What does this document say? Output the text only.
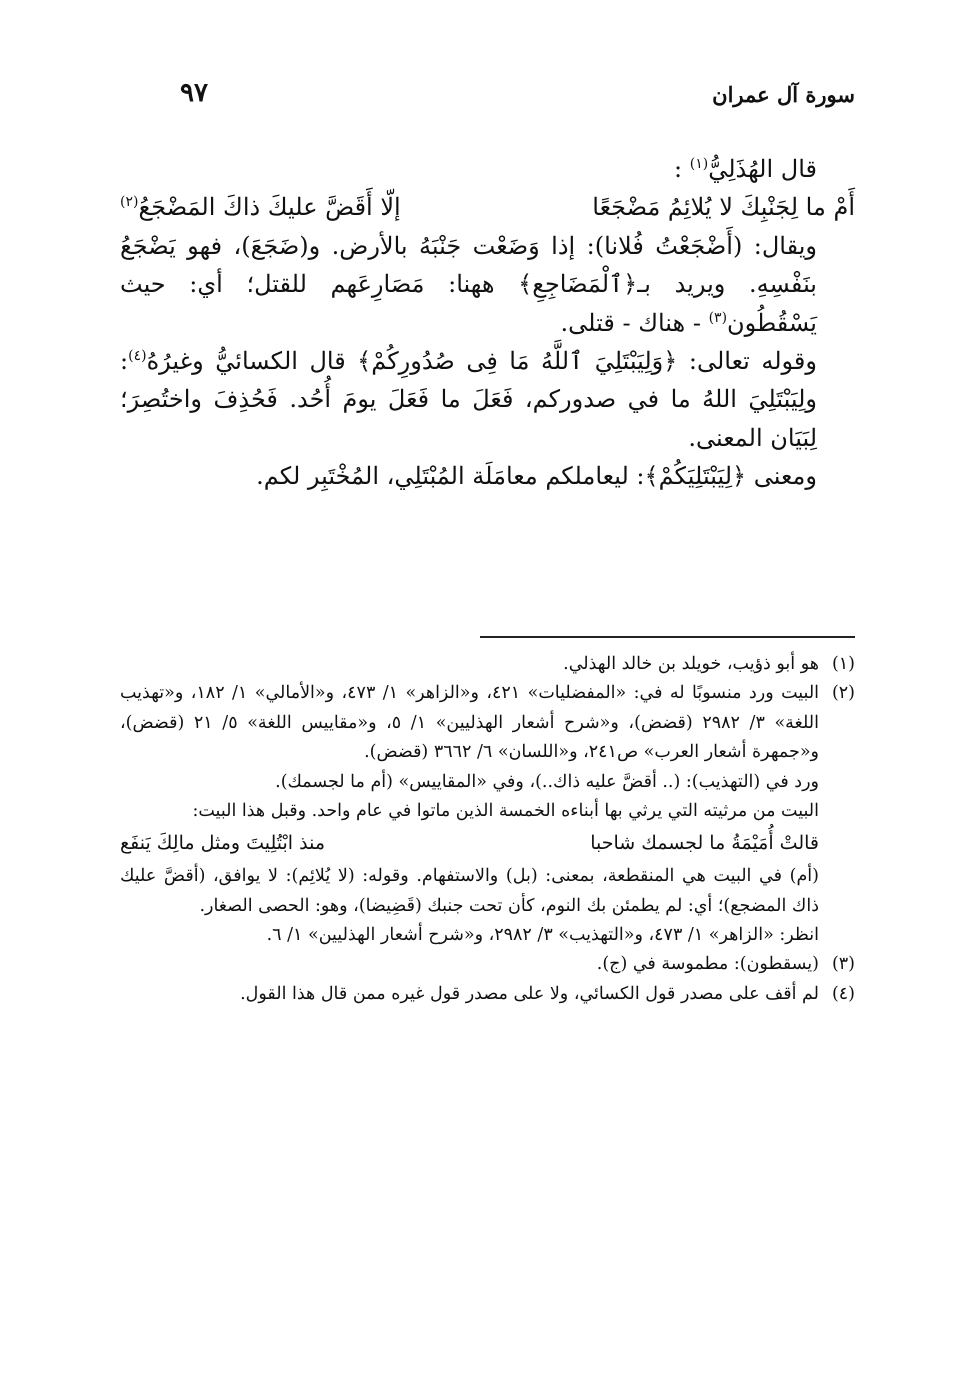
سورة آل عمران
٩٧

قال الهُذَلِيُّ$^{(١)}$ :

أَمْ ما لِجَنْبِكَ لا يُلائِمُ مَضْجَعًا
إلّا أَقَضَّ عليكَ ذاكَ المَضْجَعُ$^{(٢)}$

ويقال: (أَضْجَعْتُ فُلانا): إذا وَضَعْت جَنْبَهُ بالأرض. و(ضَجَعَ)، فهو يَضْجَعُ بنَفْسِهِ. ويريد بـ﴿ٱلْمَضَاجِعِ﴾ ههنا: مَصَارِعَهم للقتل؛ أي: حيث يَسْقُطُون$^{(٣)}$ - هناك - قتلى.

وقوله تعالى: ﴿وَلِيَبْتَلِيَ ٱللَّهُ مَا فِى صُدُورِكُمْ﴾ قال الكسائيُّ وغيرُهُ$^{(٤)}$: ولِيَبْتَلِيَ اللهُ ما في صدوركم، فَعَلَ ما فَعَلَ يومَ أُحُد. فَحُذِفَ واختُصِرَ؛ لِبَيَان المعنى.

ومعنى ﴿لِيَبْتَلِيَكُمْ﴾: ليعاملكم معامَلَة المُبْتَلِي، المُخْتَبِر لكم.

(١)
هو أبو ذؤيب، خويلد بن خالد الهذلي.
(٢)
البيت ورد منسوبًا له في: «المفضليات» ٤٢١، و«الزاهر» ١/ ٤٧٣، و«الأمالي» ١/ ١٨٢، و«تهذيب اللغة» ٣/ ٢٩٨٢ (قضض)، و«شرح أشعار الهذليين» ١/ ٥، و«مقاييس اللغة» ٥/ ٢١ (قضض)، و«جمهرة أشعار العرب» ص٢٤١، و«اللسان» ٦/ ٣٦٦٢ (قضض).

ورد في (التهذيب): (.. أقضَّ عليه ذاك..)، وفي «المقاييس» (أم ما لجسمك).

البيت من مرثيته التي يرثي بها أبناءه الخمسة الذين ماتوا في عام واحد. وقبل هذا البيت:

قالتْ أُمَيْمَةُ ما لجسمك شاحبا
منذ ابْتُلِيتَ ومثل مالِكَ يَنفَع

(أم) في البيت هي المنقطعة، بمعنى: (بل) والاستفهام. وقوله: (لا يُلائِم): لا يوافق، (أقضَّ عليك ذاك المضجع)؛ أي: لم يطمئن بك النوم، كأن تحت جنبك (قَضِيضا)، وهو: الحصى الصغار.

انظر: «الزاهر» ١/ ٤٧٣، و«التهذيب» ٣/ ٢٩٨٢، و«شرح أشعار الهذليين» ١/ ٦.

(٣)
(يسقطون): مطموسة في (ج).
(٤)
لم أقف على مصدر قول الكسائي، ولا على مصدر قول غيره ممن قال هذا القول.
